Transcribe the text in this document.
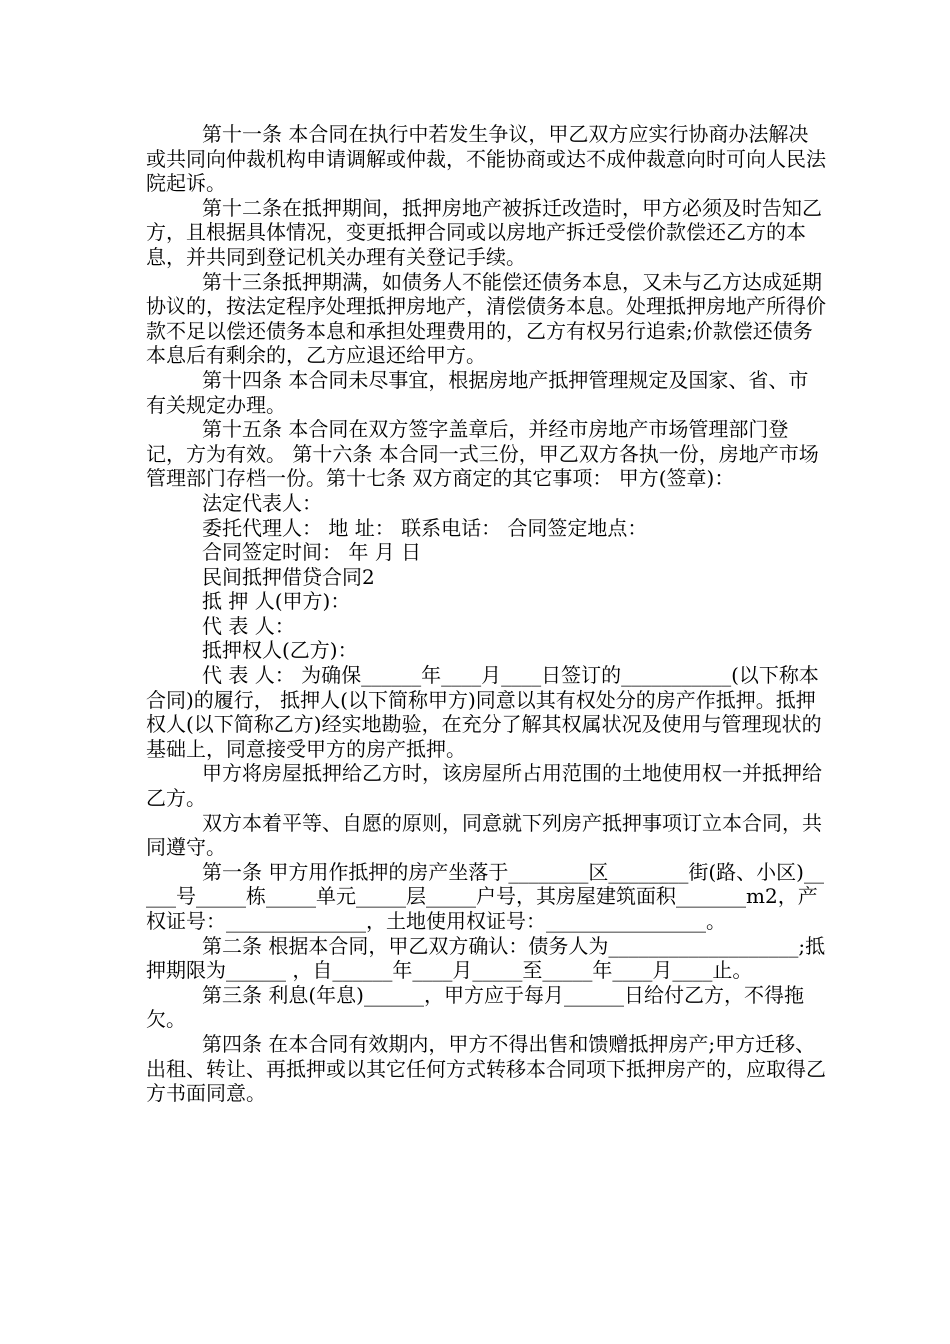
第十一条 本合同在执行中若发生争议，甲乙双方应实行协商办法解决或共同向仲裁机构申请调解或仲裁，不能协商或达不成仲裁意向时可向人民法院起诉。

第十二条在抵押期间，抵押房地产被拆迁改造时，甲方必须及时告知乙方，且根据具体情况，变更抵押合同或以房地产拆迁受偿价款偿还乙方的本息，并共同到登记机关办理有关登记手续。

第十三条抵押期满，如债务人不能偿还债务本息，又未与乙方达成延期协议的，按法定程序处理抵押房地产，清偿债务本息。处理抵押房地产所得价款不足以偿还债务本息和承担处理费用的，乙方有权另行追索;价款偿还债务本息后有剩余的，乙方应退还给甲方。

第十四条 本合同未尽事宜，根据房地产抵押管理规定及国家、省、市有关规定办理。

第十五条 本合同在双方签字盖章后，并经市房地产市场管理部门登记，方为有效。 第十六条 本合同一式三份，甲乙双方各执一份，房地产市场管理部门存档一份。第十七条 双方商定的其它事项： 甲方(签章)：

法定代表人：

委托代理人： 地 址： 联系电话： 合同签定地点：

合同签定时间： 年 月 日

民间抵押借贷合同2

抵 押 人(甲方)：

代 表 人：

抵押权人(乙方)：

代 表 人： 为确保______年____月____日签订的___________(以下称本合同)的履行， 抵押人(以下简称甲方)同意以其有权处分的房产作抵押。抵押权人(以下简称乙方)经实地勘验，在充分了解其权属状况及使用与管理现状的基础上，同意接受甲方的房产抵押。

甲方将房屋抵押给乙方时，该房屋所占用范围的土地使用权一并抵押给乙方。

双方本着平等、自愿的原则，同意就下列房产抵押事项订立本合同，共同遵守。

第一条 甲方用作抵押的房产坐落于________区________街(路、小区)_____号_____栋_____单元_____层_____户号，其房屋建筑面积_______m2，产权证号：______________，土地使用权证号：________________。

第二条 根据本合同，甲乙双方确认：债务人为___________________;抵押期限为______ ，自______年____月_____至_____年____月____止。

第三条 利息(年息)______，甲方应于每月______日给付乙方，不得拖欠。

第四条 在本合同有效期内，甲方不得出售和馈赠抵押房产;甲方迁移、出租、转让、再抵押或以其它任何方式转移本合同项下抵押房产的，应取得乙方书面同意。
